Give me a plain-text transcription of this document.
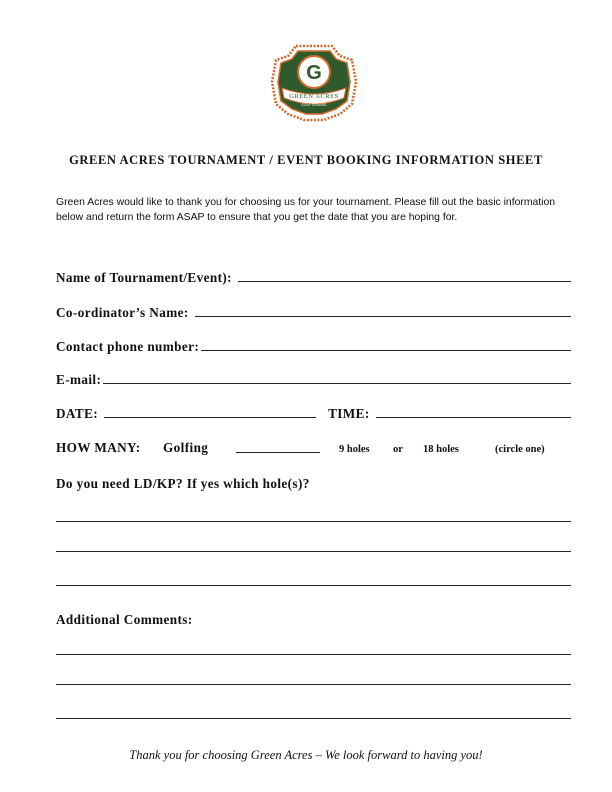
G
GREEN ACRES
GOLF COURSE
GREEN ACRES TOURNAMENT / EVENT BOOKING INFORMATION SHEET
Green Acres would like to thank you for choosing us for your tournament. Please fill out the basic information below and return the form ASAP to ensure that you get the date that you are hoping for.
Name of Tournament/Event):
Co-ordinator’s Name:
Contact phone number:
E-mail:
DATE:	TIME:
HOW MANY: Golfing	9 holes or 18 holes	(circle one)
Do you need LD/KP? If yes which hole(s)?
Additional Comments:
Thank you for choosing Green Acres – We look forward to having you!
